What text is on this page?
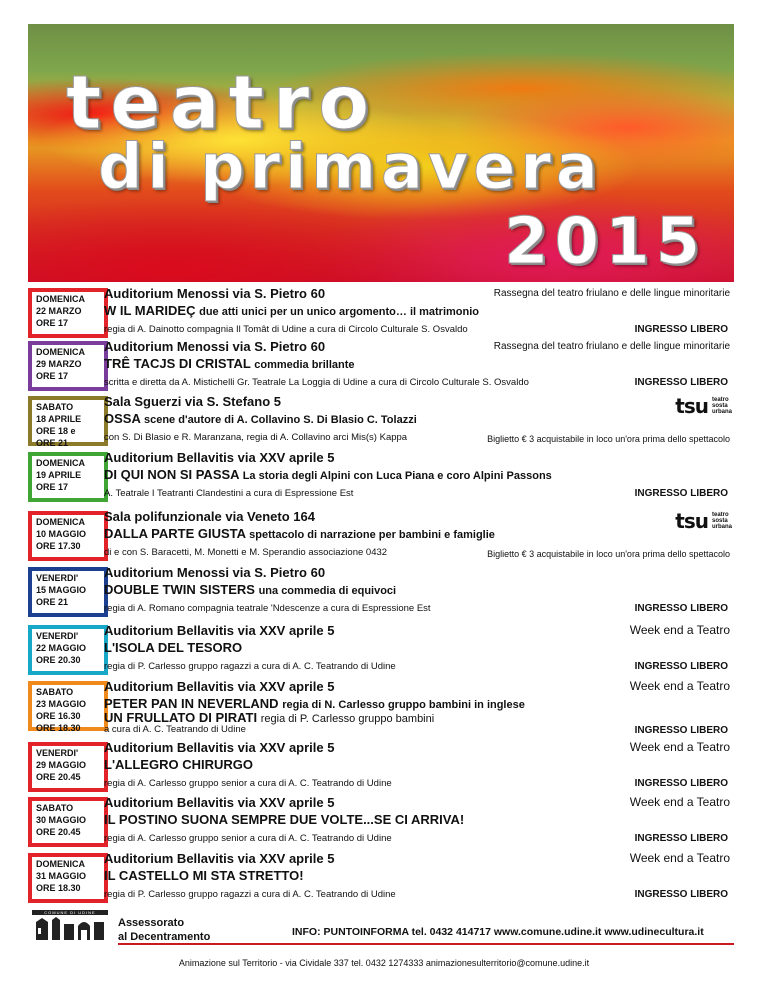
teatro

di primavera

2015

DOMENICA
22 MARZO
ORE 17
Auditorium Menossi via S. Pietro 60	Rassegna del teatro friulano e delle lingue minoritarie
W IL MARIDEÇ due atti unici per un unico argomento… il matrimonio
regia di A. Dainotto compagnia Il Tomât di Udine a cura di Circolo Culturale S. Osvaldo	INGRESSO LIBERO
DOMENICA
29 MARZO
ORE 17
Auditorium Menossi via S. Pietro 60	Rassegna del teatro friulano e delle lingue minoritarie
TRÊ TACJS DI CRISTAL commedia brillante
scritta e diretta da A. Mistichelli Gr. Teatrale La Loggia di Udine a cura di Circolo Culturale S. Osvaldo	INGRESSO LIBERO
SABATO
18 APRILE
ORE 18 e
ORE 21
Sala Sguerzi via S. Stefano 5	tsu teatro
sosta
urbana
OSSA scene d'autore di A. Collavino S. Di Blasio C. Tolazzi
con S. Di Blasio e R. Maranzana, regia di A. Collavino arci Mis(s) Kappa	Biglietto € 3 acquistabile in loco un'ora prima dello spettacolo
DOMENICA
19 APRILE
ORE 17
Auditorium Bellavitis via XXV aprile 5
DI QUI NON SI PASSA La storia degli Alpini con Luca Piana e coro Alpini Passons
A. Teatrale I Teatranti Clandestini a cura di Espressione Est	INGRESSO LIBERO
DOMENICA
10 MAGGIO
ORE 17.30
Sala polifunzionale via Veneto 164	tsu teatro
sosta
urbana
DALLA PARTE GIUSTA spettacolo di narrazione per bambini e famiglie
di e con S. Baracetti, M. Monetti e M. Sperandio associazione 0432	Biglietto € 3 acquistabile in loco un'ora prima dello spettacolo
VENERDI'
15 MAGGIO
ORE 21
Auditorium Menossi via S. Pietro 60
DOUBLE TWIN SISTERS una commedia di equivoci
regia di A. Romano compagnia teatrale 'Ndescenze a cura di Espressione Est	INGRESSO LIBERO
VENERDI'
22 MAGGIO
ORE 20.30
Auditorium Bellavitis via XXV aprile 5	Week end a Teatro
L'ISOLA DEL TESORO
regia di P. Carlesso gruppo ragazzi a cura di A. C. Teatrando di Udine	INGRESSO LIBERO
SABATO
23 MAGGIO
ORE 16.30
ORE 18.30
Auditorium Bellavitis via XXV aprile 5	Week end a Teatro
PETER PAN IN NEVERLAND regia di N. Carlesso gruppo bambini in inglese
UN FRULLATO DI PIRATI regia di P. Carlesso gruppo bambini
a cura di A. C. Teatrando di Udine	INGRESSO LIBERO
VENERDI'
29 MAGGIO
ORE 20.45
Auditorium Bellavitis via XXV aprile 5	Week end a Teatro
L'ALLEGRO CHIRURGO
regia di A. Carlesso gruppo senior a cura di A. C. Teatrando di Udine	INGRESSO LIBERO
SABATO
30 MAGGIO
ORE 20.45
Auditorium Bellavitis via XXV aprile 5	Week end a Teatro
IL POSTINO SUONA SEMPRE DUE VOLTE...SE CI ARRIVA!
regia di A. Carlesso gruppo senior a cura di A. C. Teatrando di Udine	INGRESSO LIBERO
DOMENICA
31 MAGGIO
ORE 18.30
Auditorium Bellavitis via XXV aprile 5	Week end a Teatro
IL CASTELLO MI STA STRETTO!
regia di P. Carlesso gruppo ragazzi a cura di A. C. Teatrando di Udine	INGRESSO LIBERO
COMUNE DI UDINE
Assessorato
al Decentramento	INFO: PUNTOINFORMA tel. 0432 414717 www.comune.udine.it www.udinecultura.it
Animazione sul Territorio - via Cividale 337 tel. 0432 1274333 animazionesulterritorio@comune.udine.it
